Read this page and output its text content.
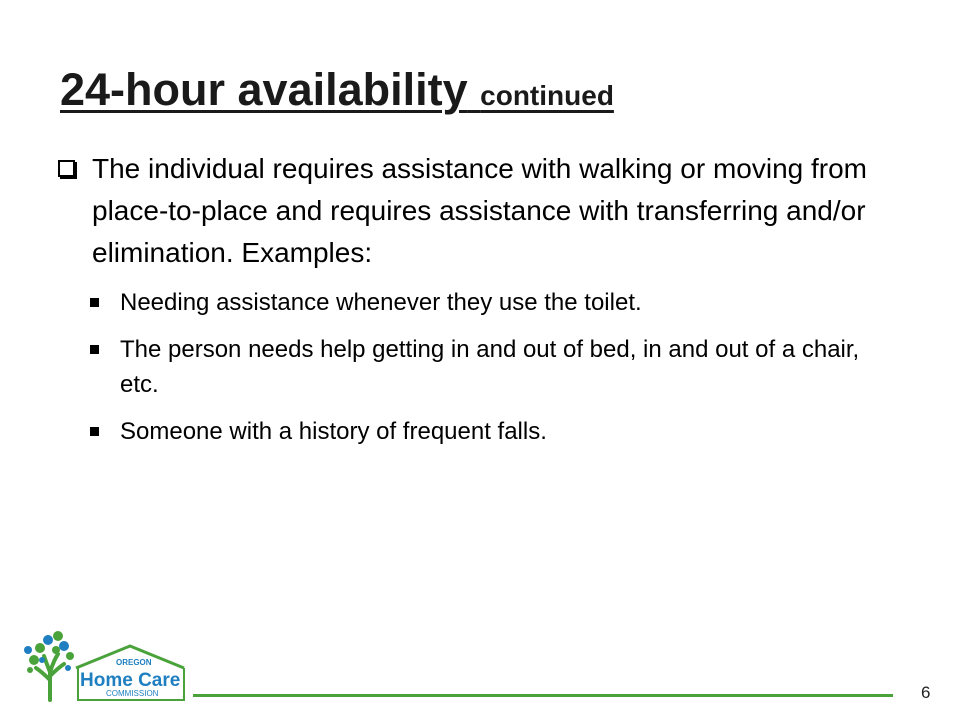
24-hour availability continued
The individual requires assistance with walking or moving from place-to-place and requires assistance with transferring and/or elimination. Examples:
Needing assistance whenever they use the toilet.
The person needs help getting in and out of bed, in and out of a chair, etc.
Someone with a history of frequent falls.
OREGON
Home Care
COMMISSION	6
